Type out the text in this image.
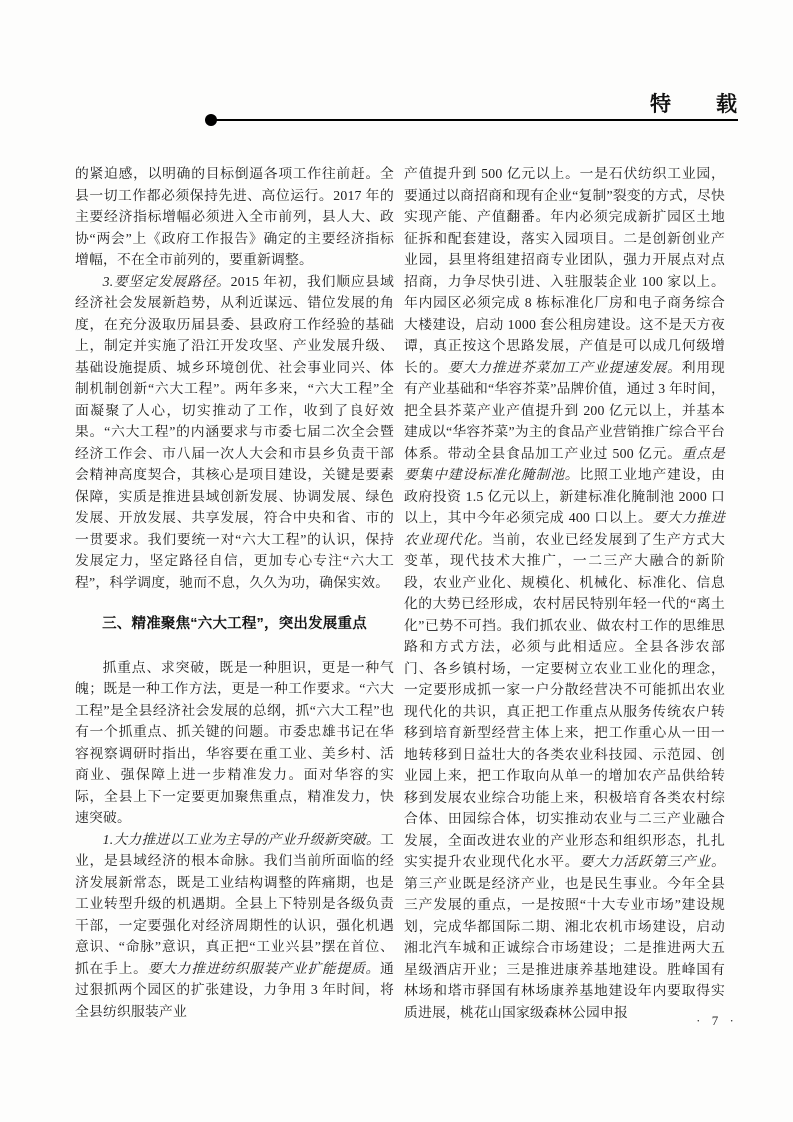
特 载

的紧迫感，以明确的目标倒逼各项工作往前赶。全县一切工作都必须保持先进、高位运行。2017 年的主要经济指标增幅必须进入全市前列，县人大、政协“两会”上《政府工作报告》确定的主要经济指标增幅，不在全市前列的，要重新调整。

3.要坚定发展路径。2015 年初，我们顺应县域经济社会发展新趋势，从利近谋远、错位发展的角度，在充分汲取历届县委、县政府工作经验的基础上，制定并实施了沿江开发攻坚、产业发展升级、基础设施提质、城乡环境创优、社会事业同兴、体制机制创新“六大工程”。两年多来，“六大工程”全面凝聚了人心，切实推动了工作，收到了良好效果。“六大工程”的内涵要求与市委七届二次全会暨经济工作会、市八届一次人大会和市县乡负责干部会精神高度契合，其核心是项目建设，关键是要素保障，实质是推进县域创新发展、协调发展、绿色发展、开放发展、共享发展，符合中央和省、市的一贯要求。我们要统一对“六大工程”的认识，保持发展定力，坚定路径自信，更加专心专注“六大工程”，科学调度，驰而不息，久久为功，确保实效。

三、精准聚焦“六大工程”，突出发展重点

抓重点、求突破，既是一种胆识，更是一种气魄；既是一种工作方法，更是一种工作要求。“六大工程”是全县经济社会发展的总纲，抓“六大工程”也有一个抓重点、抓关键的问题。市委忠雄书记在华容视察调研时指出，华容要在重工业、美乡村、活商业、强保障上进一步精准发力。面对华容的实际，全县上下一定要更加聚焦重点，精准发力，快速突破。

1.大力推进以工业为主导的产业升级新突破。工业，是县域经济的根本命脉。我们当前所面临的经济发展新常态，既是工业结构调整的阵痛期，也是工业转型升级的机遇期。全县上下特别是各级负责干部，一定要强化对经济周期性的认识，强化机遇意识、“命脉”意识，真正把“工业兴县”摆在首位、抓在手上。要大力推进纺织服装产业扩能提质。通过狠抓两个园区的扩张建设，力争用 3 年时间，将全县纺织服装产业

产值提升到 500 亿元以上。一是石伏纺织工业园，要通过以商招商和现有企业“复制”裂变的方式，尽快实现产能、产值翻番。年内必须完成新扩园区土地征拆和配套建设，落实入园项目。二是创新创业产业园，县里将组建招商专业团队，强力开展点对点招商，力争尽快引进、入驻服装企业 100 家以上。年内园区必须完成 8 栋标准化厂房和电子商务综合大楼建设，启动 1000 套公租房建设。这不是天方夜谭，真正按这个思路发展，产值是可以成几何级增长的。要大力推进芥菜加工产业提速发展。利用现有产业基础和“华容芥菜”品牌价值，通过 3 年时间，把全县芥菜产业产值提升到 200 亿元以上，并基本建成以“华容芥菜”为主的食品产业营销推广综合平台体系。带动全县食品加工产业过 500 亿元。重点是要集中建设标准化腌制池。比照工业地产建设，由政府投资 1.5 亿元以上，新建标准化腌制池 2000 口以上，其中今年必须完成 400 口以上。要大力推进农业现代化。当前，农业已经发展到了生产方式大变革，现代技术大推广，一二三产大融合的新阶段，农业产业化、规模化、机械化、标准化、信息化的大势已经形成，农村居民特别年轻一代的“离土化”已势不可挡。我们抓农业、做农村工作的思维思路和方式方法，必须与此相适应。全县各涉农部门、各乡镇村场，一定要树立农业工业化的理念，一定要形成抓一家一户分散经营决不可能抓出农业现代化的共识，真正把工作重点从服务传统农户转移到培育新型经营主体上来，把工作重心从一田一地转移到日益壮大的各类农业科技园、示范园、创业园上来，把工作取向从单一的增加农产品供给转移到发展农业综合功能上来，积极培育各类农村综合体、田园综合体，切实推动农业与二三产业融合发展，全面改进农业的产业形态和组织形态，扎扎实实提升农业现代化水平。要大力活跃第三产业。第三产业既是经济产业，也是民生事业。今年全县三产发展的重点，一是按照“十大专业市场”建设规划，完成华都国际二期、湘北农机市场建设，启动湘北汽车城和正诚综合市场建设；二是推进两大五星级酒店开业；三是推进康养基地建设。胜峰国有林场和塔市驿国有林场康养基地建设年内要取得实质进展，桃花山国家级森林公园申报

· 7 ·
